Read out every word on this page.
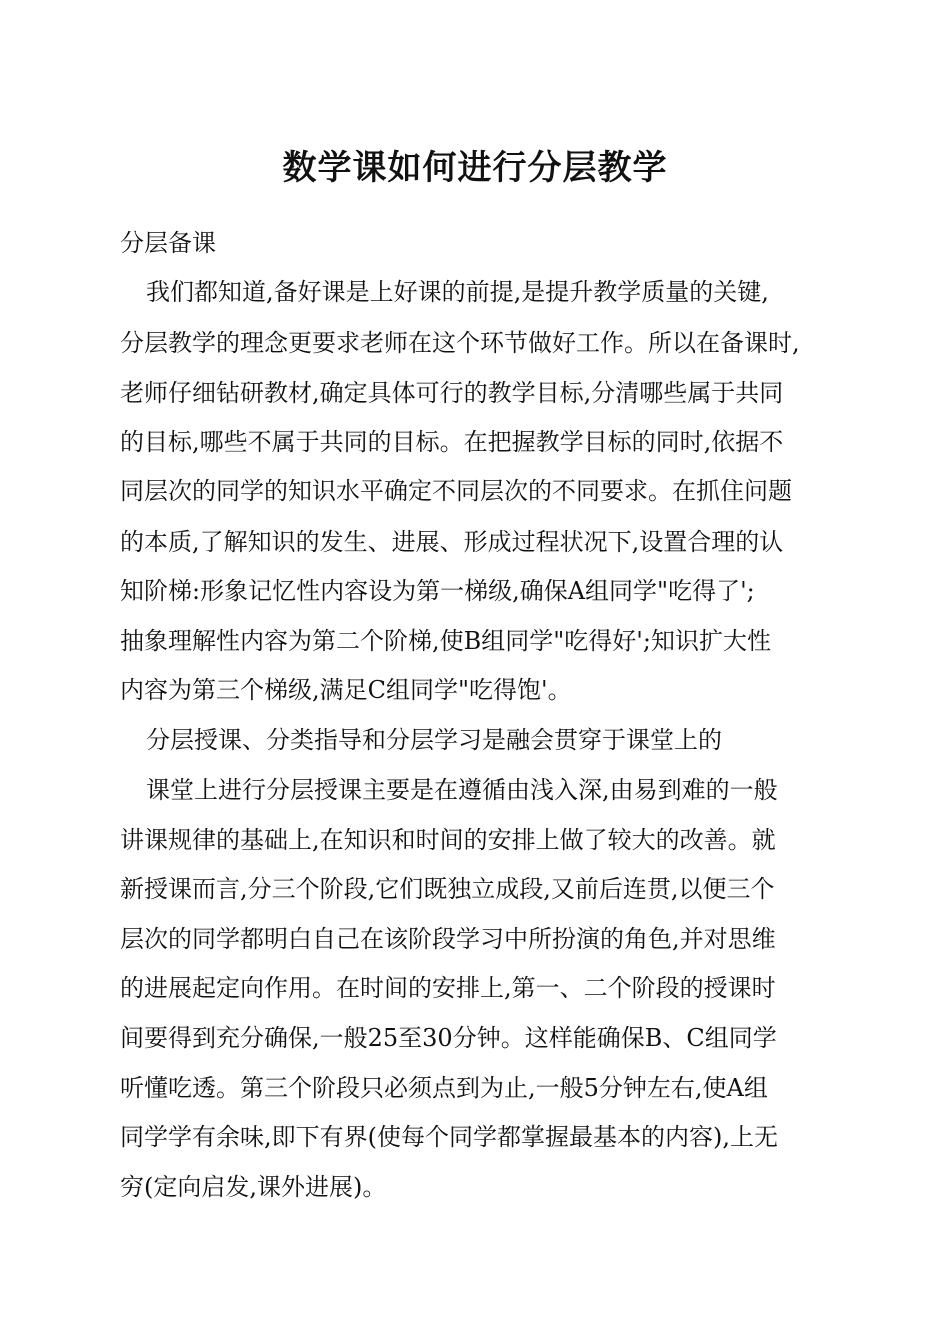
数学课如何进行分层教学

分层备课

我们都知道,备好课是上好课的前提,是提升教学质量的关键,

分层教学的理念更要求老师在这个环节做好工作。所以在备课时,

老师仔细钻研教材,确定具体可行的教学目标,分清哪些属于共同

的目标,哪些不属于共同的目标。在把握教学目标的同时,依据不

同层次的同学的知识水平确定不同层次的不同要求。在抓住问题

的本质,了解知识的发生、进展、形成过程状况下,设置合理的认

知阶梯:形象记忆性内容设为第一梯级,确保A组同学"吃得了';

抽象理解性内容为第二个阶梯,使B组同学"吃得好';知识扩大性

内容为第三个梯级,满足C组同学"吃得饱'。

分层授课、分类指导和分层学习是融会贯穿于课堂上的

课堂上进行分层授课主要是在遵循由浅入深,由易到难的一般

讲课规律的基础上,在知识和时间的安排上做了较大的改善。就

新授课而言,分三个阶段,它们既独立成段,又前后连贯,以便三个

层次的同学都明白自己在该阶段学习中所扮演的角色,并对思维

的进展起定向作用。在时间的安排上,第一、二个阶段的授课时

间要得到充分确保,一般25至30分钟。这样能确保B、C组同学

听懂吃透。第三个阶段只必须点到为止,一般5分钟左右,使A组

同学学有余味,即下有界(使每个同学都掌握最基本的内容),上无

穷(定向启发,课外进展)。
